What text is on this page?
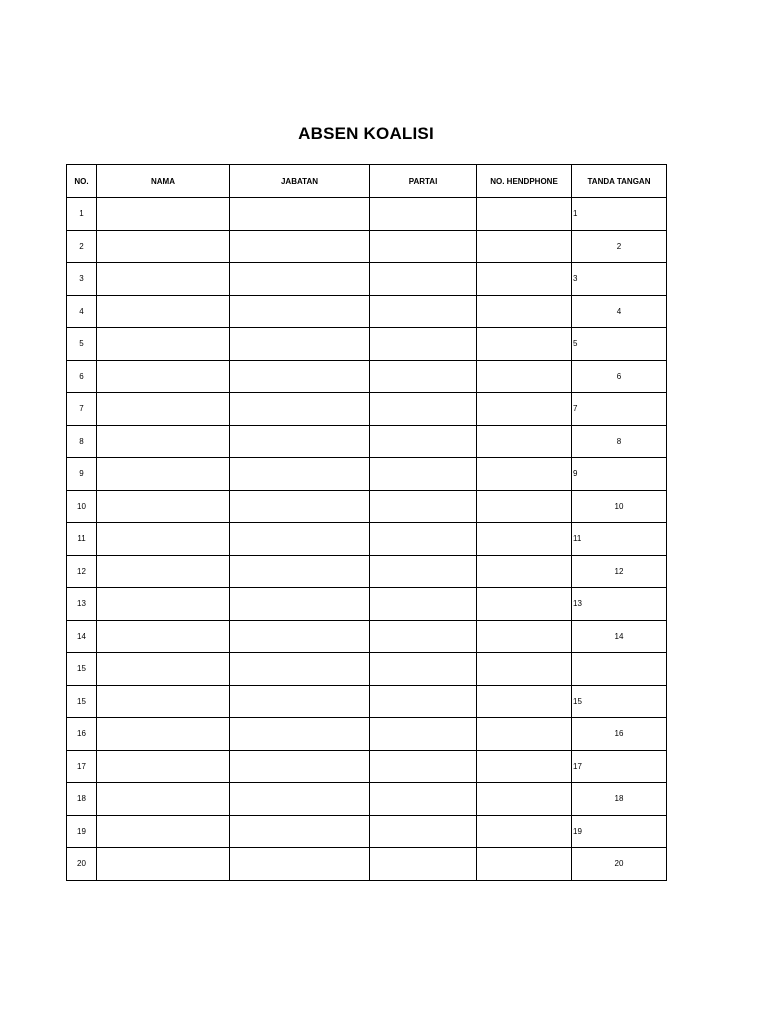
ABSEN KOALISI
NO.	NAMA	JABATAN	PARTAI	NO. HENDPHONE	TANDA TANGAN
1					1

2					2

3					3

4					4

5					5

6					6

7					7

8					8

9					9

10					10

11					11

12					12

13					13

14					14

15					

15					15

16					16

17					17

18					18

19					19

20					20
